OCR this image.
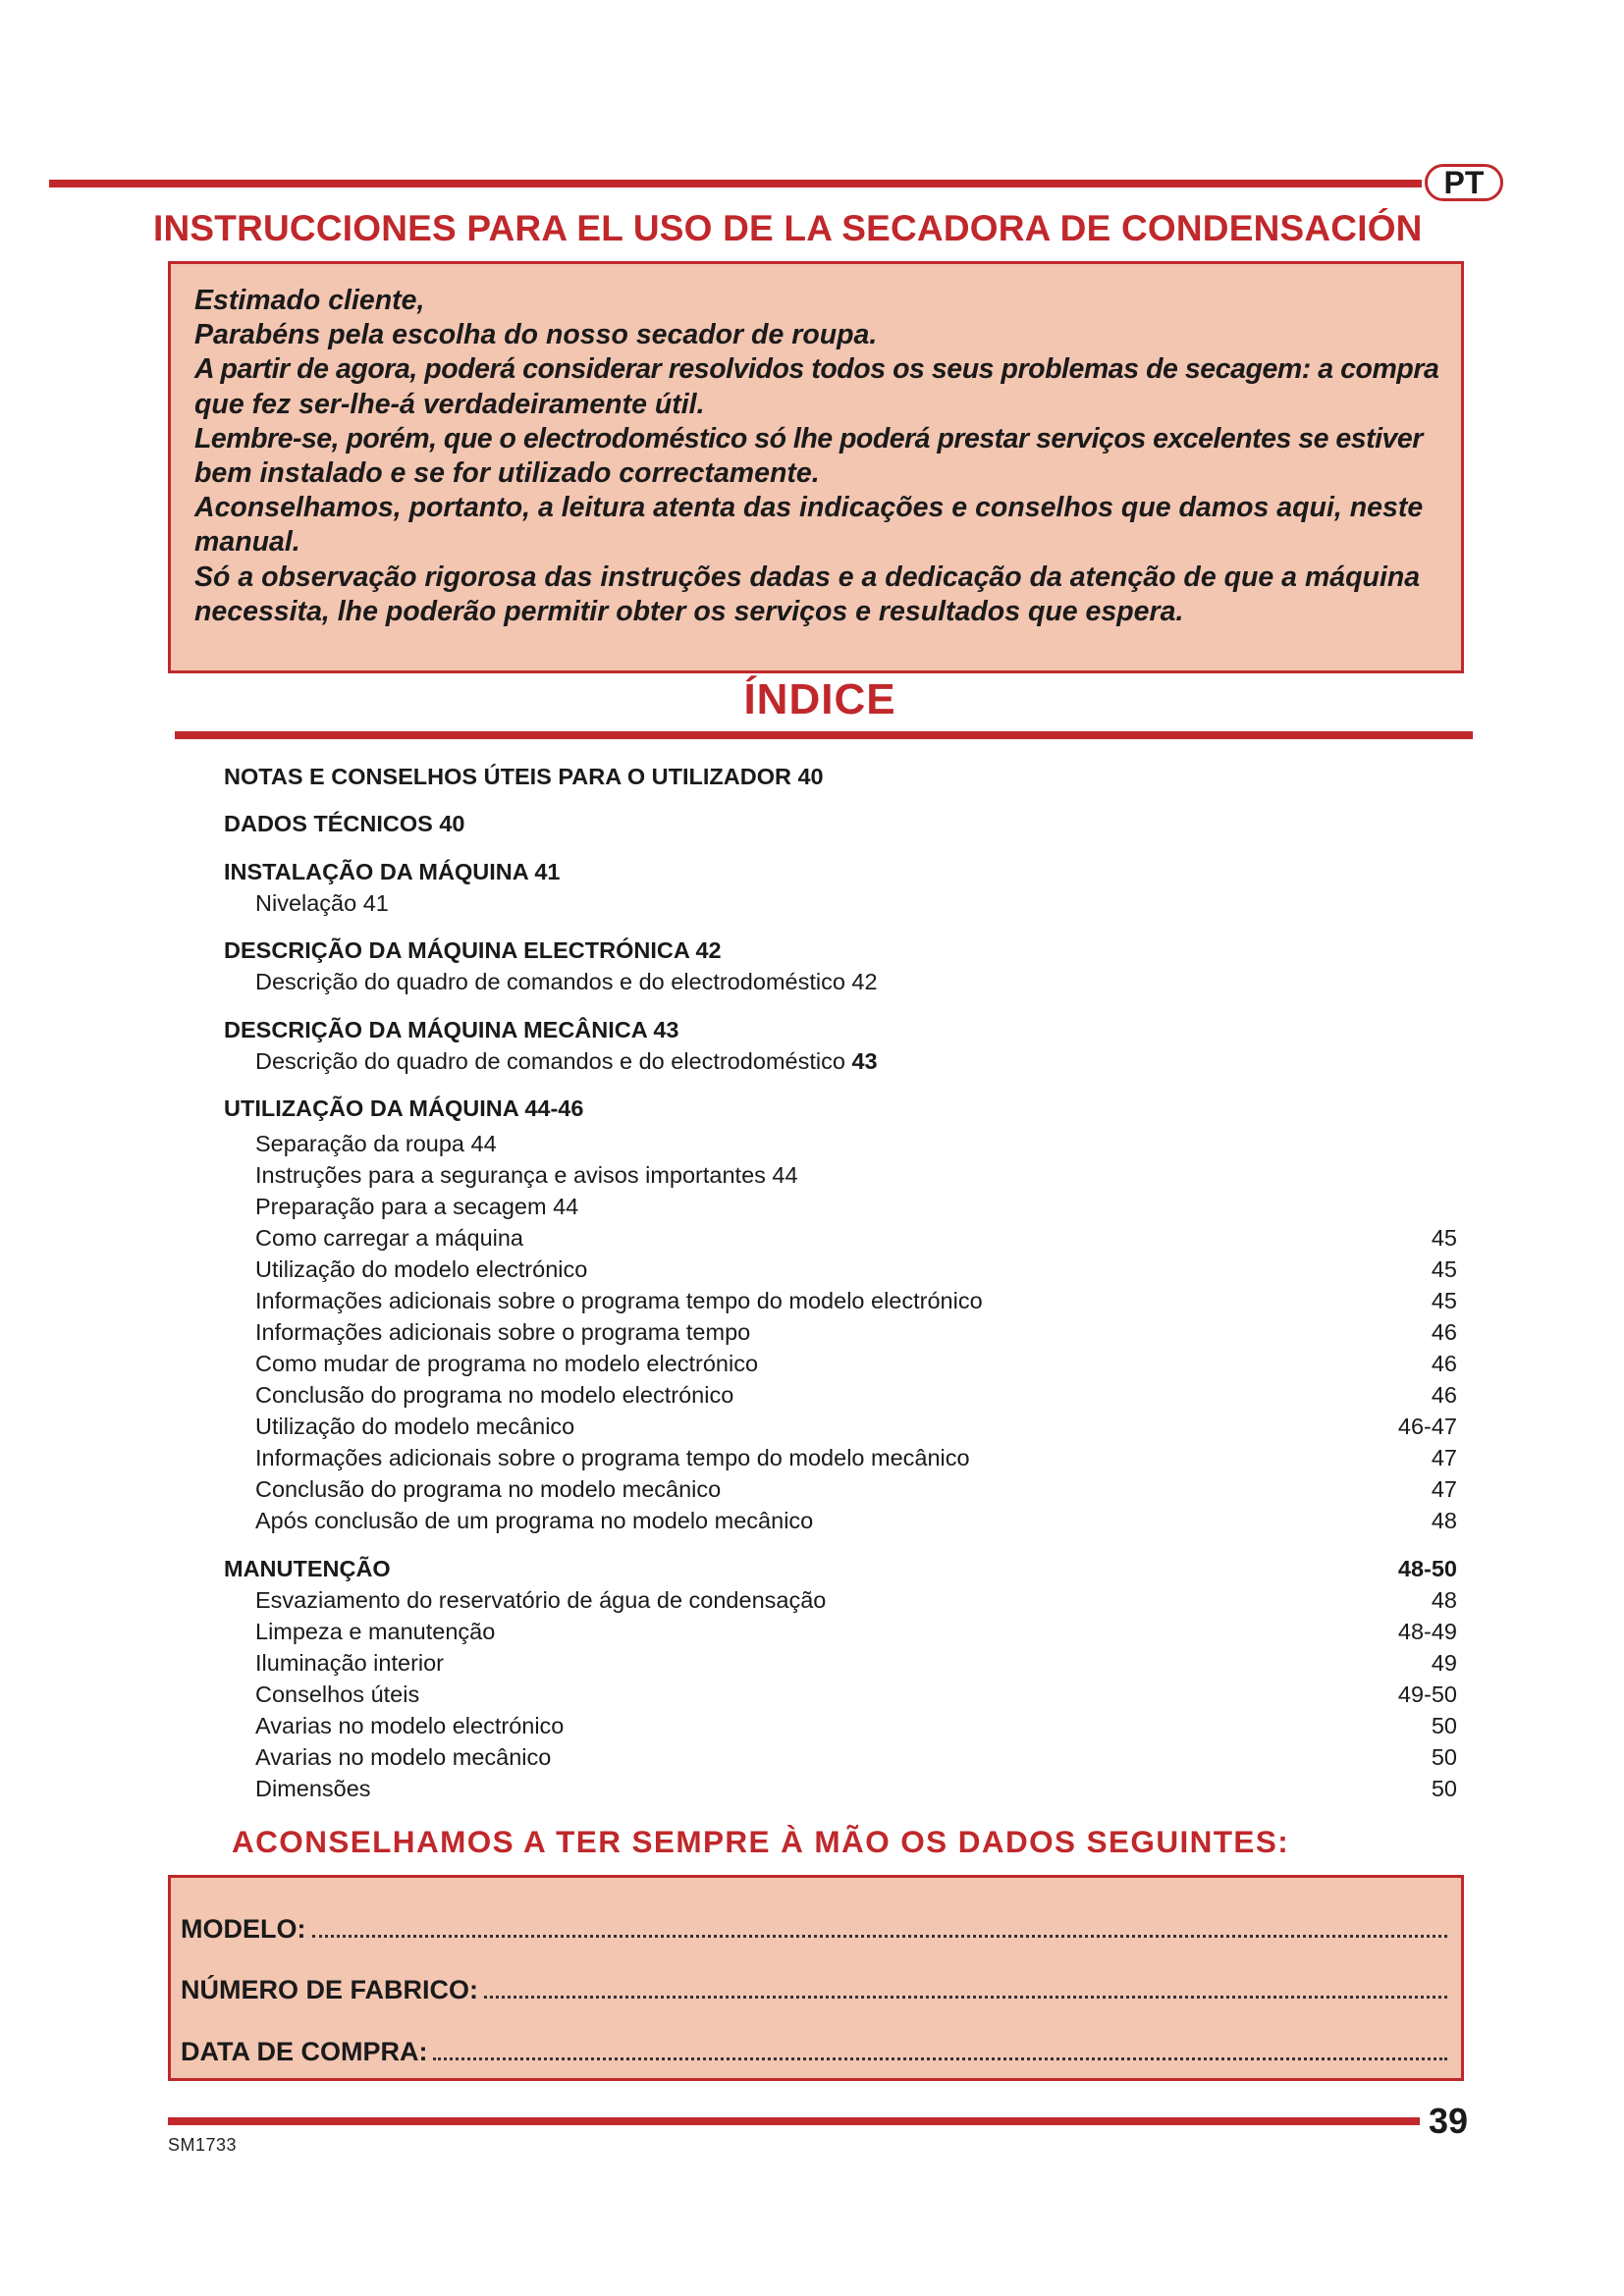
PT
INSTRUCCIONES PARA EL USO DE LA SECADORA DE CONDENSACIÓN
Estimado cliente,
Parabéns pela escolha do nosso secador de roupa.
A partir de agora, poderá considerar resolvidos todos os seus problemas de secagem: a compra
que fez ser-lhe-á verdadeiramente útil.
Lembre-se, porém, que o electrodoméstico só lhe poderá prestar serviços excelentes se estiver
bem instalado e se for utilizado correctamente.
Aconselhamos, portanto, a leitura atenta das indicações e conselhos que damos aqui, neste
manual.
Só a observação rigorosa das instruções dadas e a dedicação da atenção de que a máquina
necessita, lhe poderão permitir obter os serviços e resultados que espera.
ÍNDICE
NOTAS E CONSELHOS ÚTEIS PARA O UTILIZADOR 40
DADOS TÉCNICOS 40
INSTALAÇÃO DA MÁQUINA 41
Nivelação 41
DESCRIÇÃO DA MÁQUINA ELECTRÓNICA 42
Descrição do quadro de comandos e do electrodoméstico 42
DESCRIÇÃO DA MÁQUINA MECÂNICA 43
Descrição do quadro de comandos e do electrodoméstico 43
UTILIZAÇÃO DA MÁQUINA 44-46
Separação da roupa 44
Instruções para a segurança e avisos importantes 44
Preparação para a secagem 44
Como carregar a máquina	45
Utilização do modelo electrónico	45
Informações adicionais sobre o programa tempo do modelo electrónico	45
Informações adicionais sobre o programa tempo	46
Como mudar de programa no modelo electrónico	46
Conclusão do programa no modelo electrónico	46
Utilização do modelo mecânico	46-47
Informações adicionais sobre o programa tempo do modelo mecânico	47
Conclusão do programa no modelo mecânico	47
Após conclusão de um programa no modelo mecânico	48
MANUTENÇÃO	48-50
Esvaziamento do reservatório de água de condensação	48
Limpeza e manutenção	48-49
Iluminação interior	49
Conselhos úteis	49-50
Avarias no modelo electrónico	50
Avarias no modelo mecânico	50
Dimensões	50
ACONSELHAMOS A TER SEMPRE À MÃO OS DADOS SEGUINTES:
MODELO:
NÚMERO DE FABRICO:
DATA DE COMPRA:
39
SM1733
